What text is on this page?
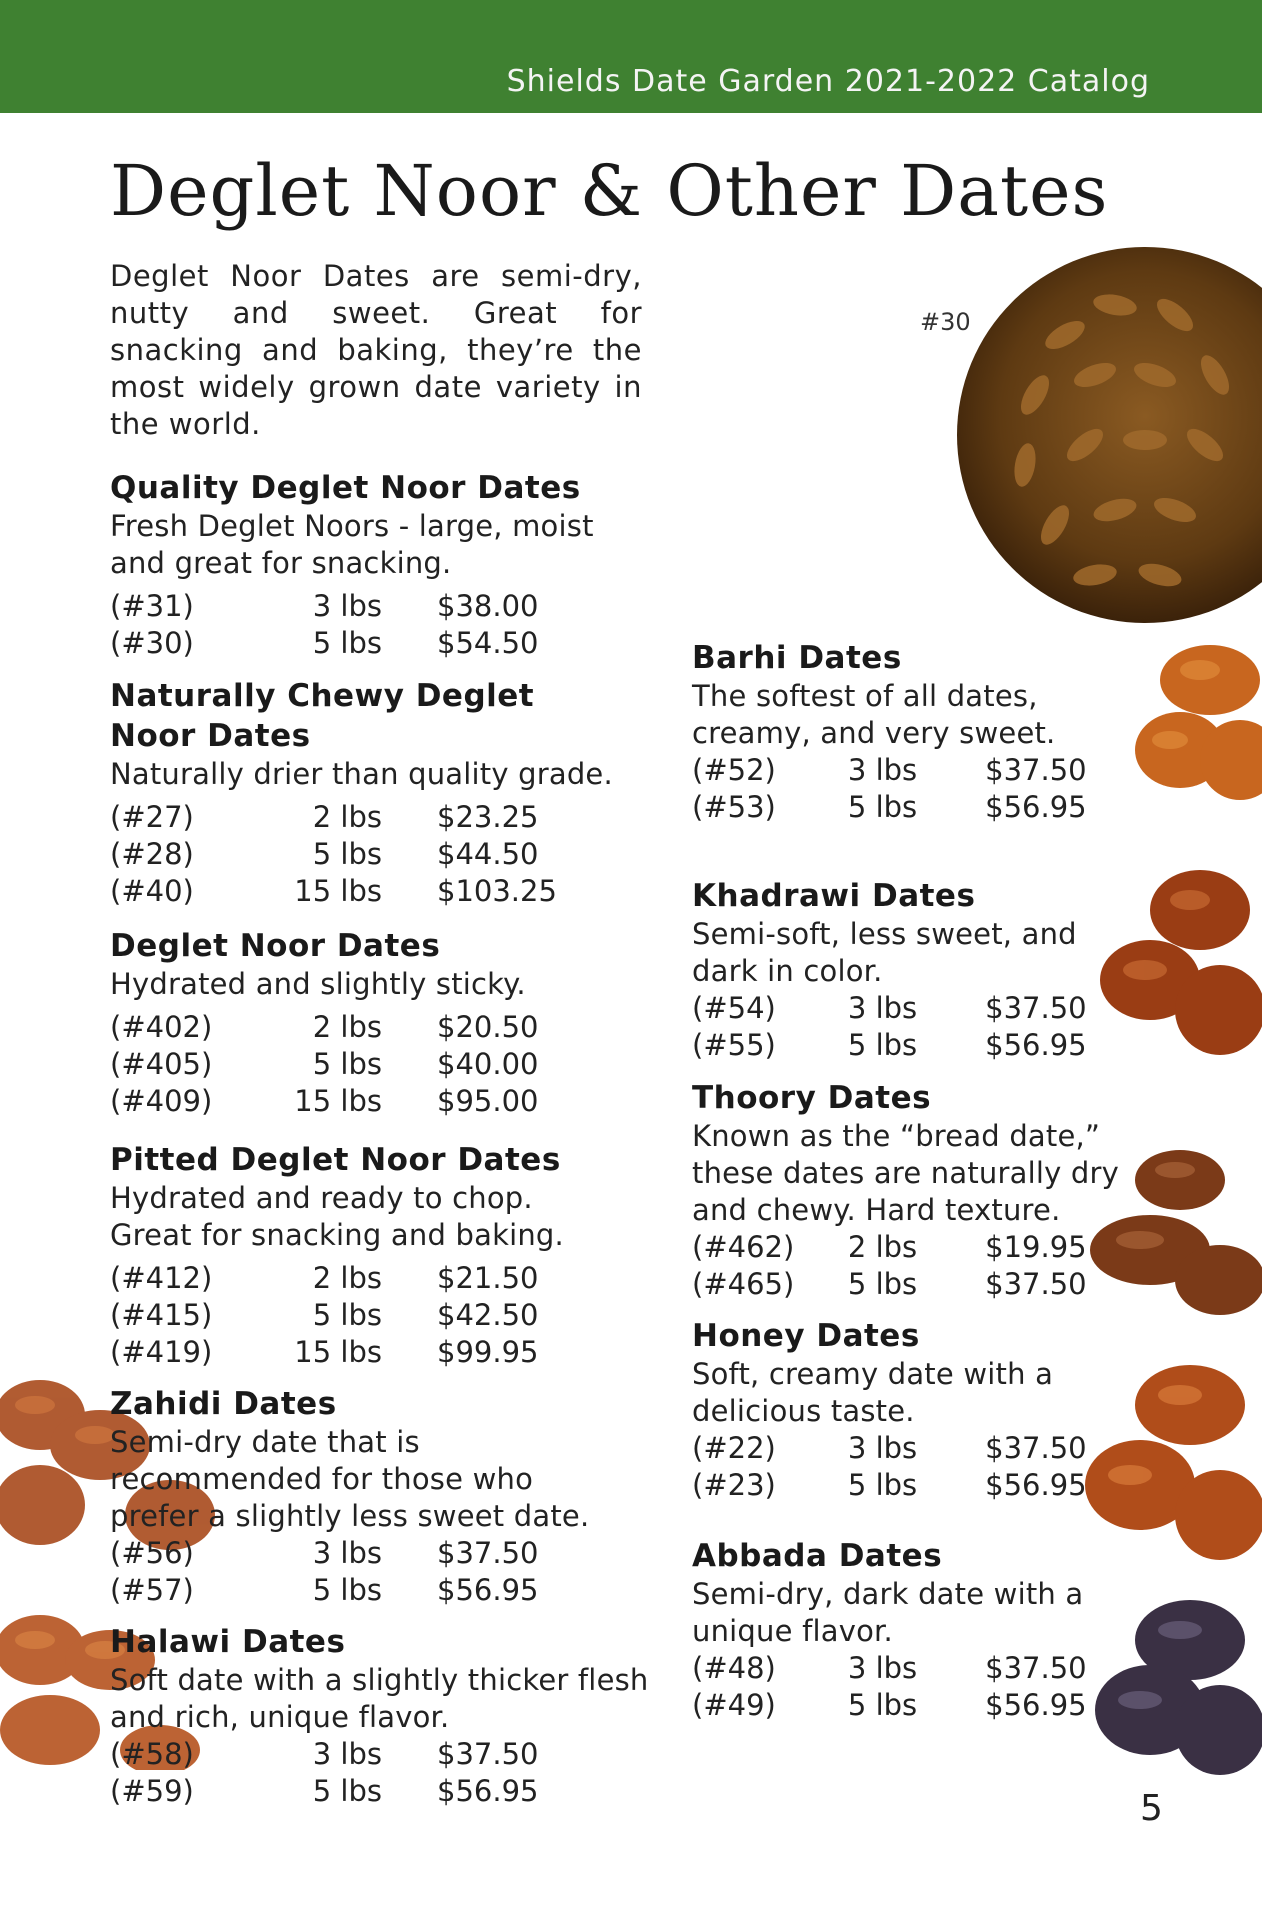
Shields Date Garden 2021-2022 Catalog
Deglet Noor & Other Dates
Deglet Noor Dates are semi-dry, nutty and sweet. Great for snacking and baking, they’re the most widely grown date variety in the world.
#30
Quality Deglet Noor Dates
Fresh Deglet Noors - large, moist and great for snacking.
(#31)	3 lbs	$38.00
(#30)	5 lbs	$54.50
Naturally Chewy Deglet Noor Dates
Naturally drier than quality grade.
(#27)	2 lbs	$23.25
(#28)	5 lbs	$44.50
(#40)	15 lbs	$103.25
Deglet Noor Dates
Hydrated and slightly sticky.
(#402)	2 lbs	$20.50
(#405)	5 lbs	$40.00
(#409)	15 lbs	$95.00
Pitted Deglet Noor Dates
Hydrated and ready to chop. Great for snacking and baking.
(#412)	2 lbs	$21.50
(#415)	5 lbs	$42.50
(#419)	15 lbs	$99.95
Zahidi Dates
Semi-dry date that is recommended for those who prefer a slightly less sweet date.
(#56)	3 lbs	$37.50
(#57)	5 lbs	$56.95
Halawi Dates
Soft date with a slightly thicker flesh and rich, unique flavor.
(#58)	3 lbs	$37.50
(#59)	5 lbs	$56.95
Barhi Dates
The softest of all dates, creamy, and very sweet.
(#52)	3 lbs	$37.50
(#53)	5 lbs	$56.95
Khadrawi Dates
Semi-soft, less sweet, and dark in color.
(#54)	3 lbs	$37.50
(#55)	5 lbs	$56.95
Thoory Dates
Known as the “bread date,” these dates are naturally dry and chewy. Hard texture.
(#462)	2 lbs	$19.95
(#465)	5 lbs	$37.50
Honey Dates
Soft, creamy date with a delicious taste.
(#22)	3 lbs	$37.50
(#23)	5 lbs	$56.95
Abbada Dates
Semi-dry, dark date with a unique flavor.
(#48)	3 lbs	$37.50
(#49)	5 lbs	$56.95
5
